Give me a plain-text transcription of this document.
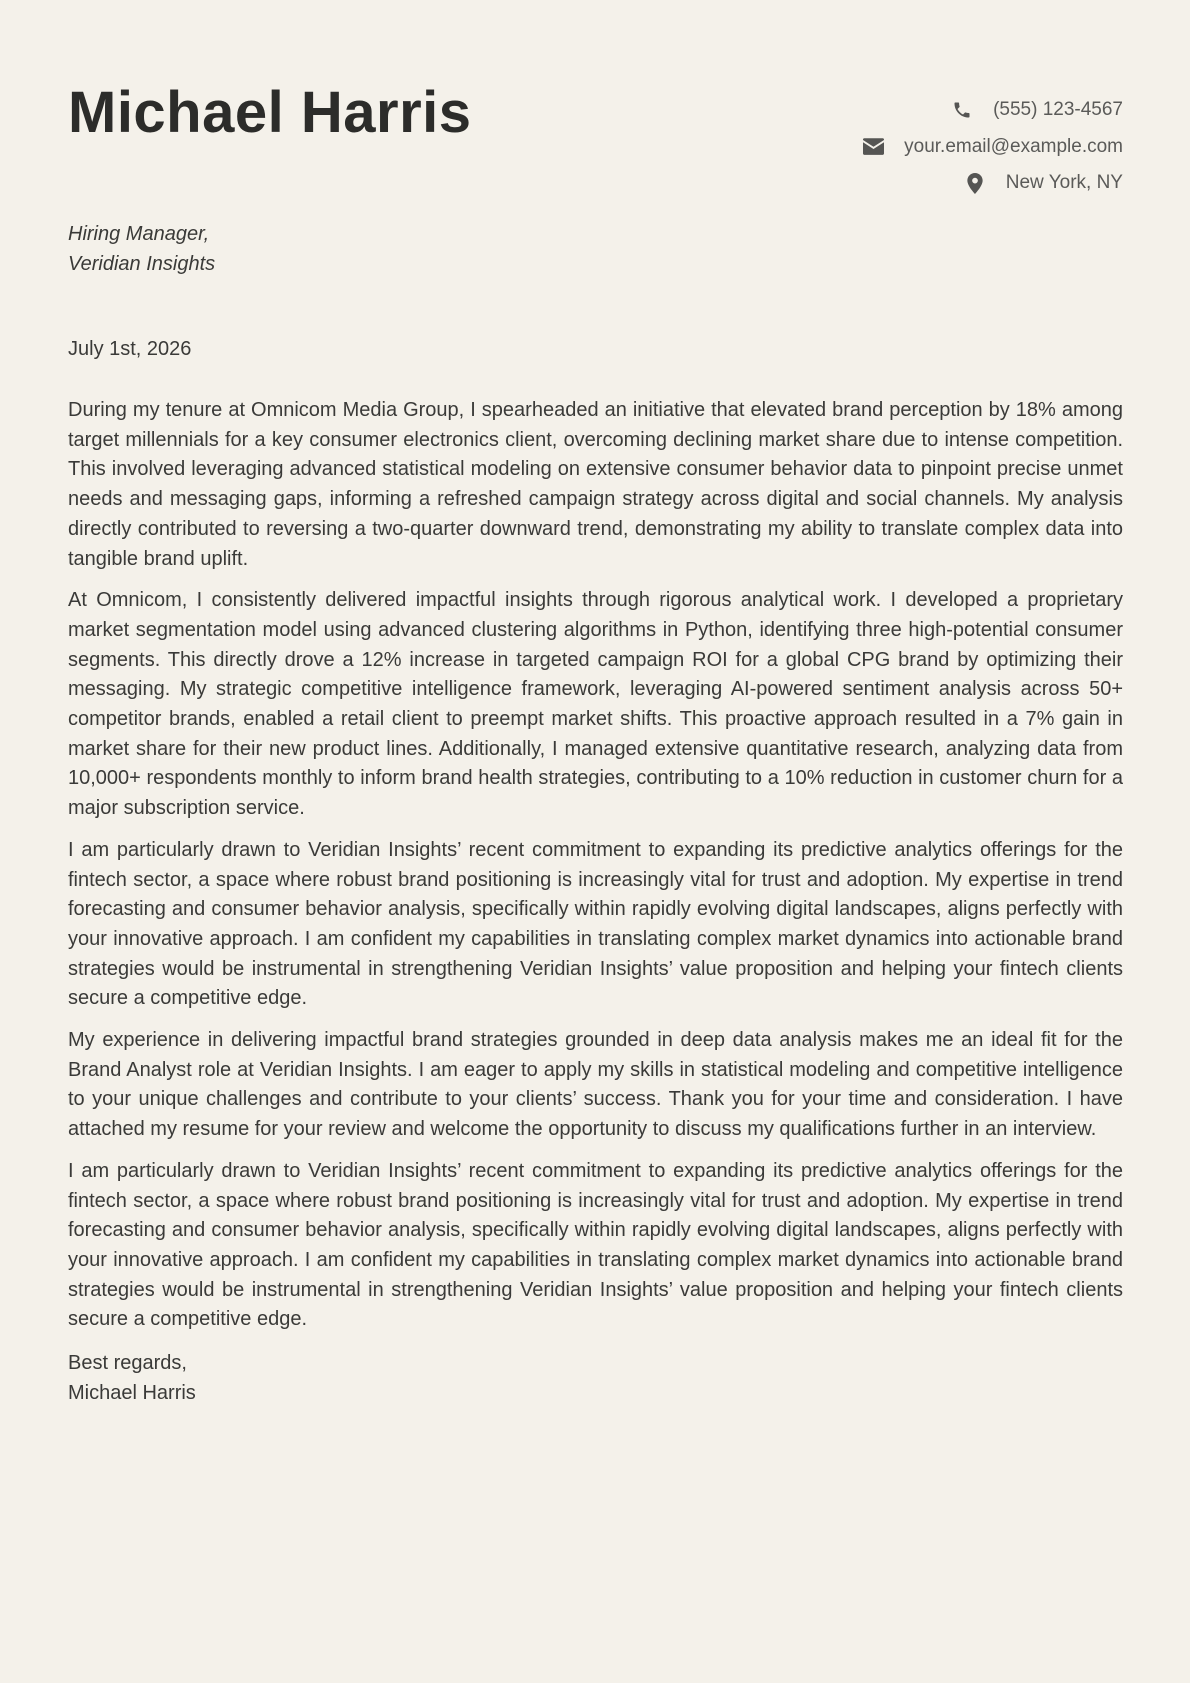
Michael Harris	(555) 123-4567
your.email@example.com
New York, NY
Hiring Manager,
Veridian Insights
July 1st, 2026

During my tenure at Omnicom Media Group, I spearheaded an initiative that elevated brand perception by 18% among target millennials for a key consumer electronics client, overcoming declining market share due to intense competition. This involved leveraging advanced statistical modeling on extensive consumer behavior data to pinpoint precise unmet needs and messaging gaps, informing a refreshed campaign strategy across digital and social channels. My analysis directly contributed to reversing a two-quarter downward trend, demonstrating my ability to translate complex data into tangible brand uplift.

At Omnicom, I consistently delivered impactful insights through rigorous analytical work. I developed a proprietary market segmentation model using advanced clustering algorithms in Python, identifying three high-potential consumer segments. This directly drove a 12% increase in targeted campaign ROI for a global CPG brand by optimizing their messaging. My strategic competitive intelligence framework, leveraging AI-powered sentiment analysis across 50+ competitor brands, enabled a retail client to preempt market shifts. This proactive approach resulted in a 7% gain in market share for their new product lines. Additionally, I managed extensive quantitative research, analyzing data from 10,000+ respondents monthly to inform brand health strategies, contributing to a 10% reduction in customer churn for a major subscription service.

I am particularly drawn to Veridian Insights’ recent commitment to expanding its predictive analytics offerings for the fintech sector, a space where robust brand positioning is increasingly vital for trust and adoption. My expertise in trend forecasting and consumer behavior analysis, specifically within rapidly evolving digital landscapes, aligns perfectly with your innovative approach. I am confident my capabilities in translating complex market dynamics into actionable brand strategies would be instrumental in strengthening Veridian Insights’ value proposition and helping your fintech clients secure a competitive edge.

My experience in delivering impactful brand strategies grounded in deep data analysis makes me an ideal fit for the Brand Analyst role at Veridian Insights. I am eager to apply my skills in statistical modeling and competitive intelligence to your unique challenges and contribute to your clients’ success. Thank you for your time and consideration. I have attached my resume for your review and welcome the opportunity to discuss my qualifications further in an interview.

I am particularly drawn to Veridian Insights’ recent commitment to expanding its predictive analytics offerings for the fintech sector, a space where robust brand positioning is increasingly vital for trust and adoption. My expertise in trend forecasting and consumer behavior analysis, specifically within rapidly evolving digital landscapes, aligns perfectly with your innovative approach. I am confident my capabilities in translating complex market dynamics into actionable brand strategies would be instrumental in strengthening Veridian Insights’ value proposition and helping your fintech clients secure a competitive edge.

Best regards,
Michael Harris
